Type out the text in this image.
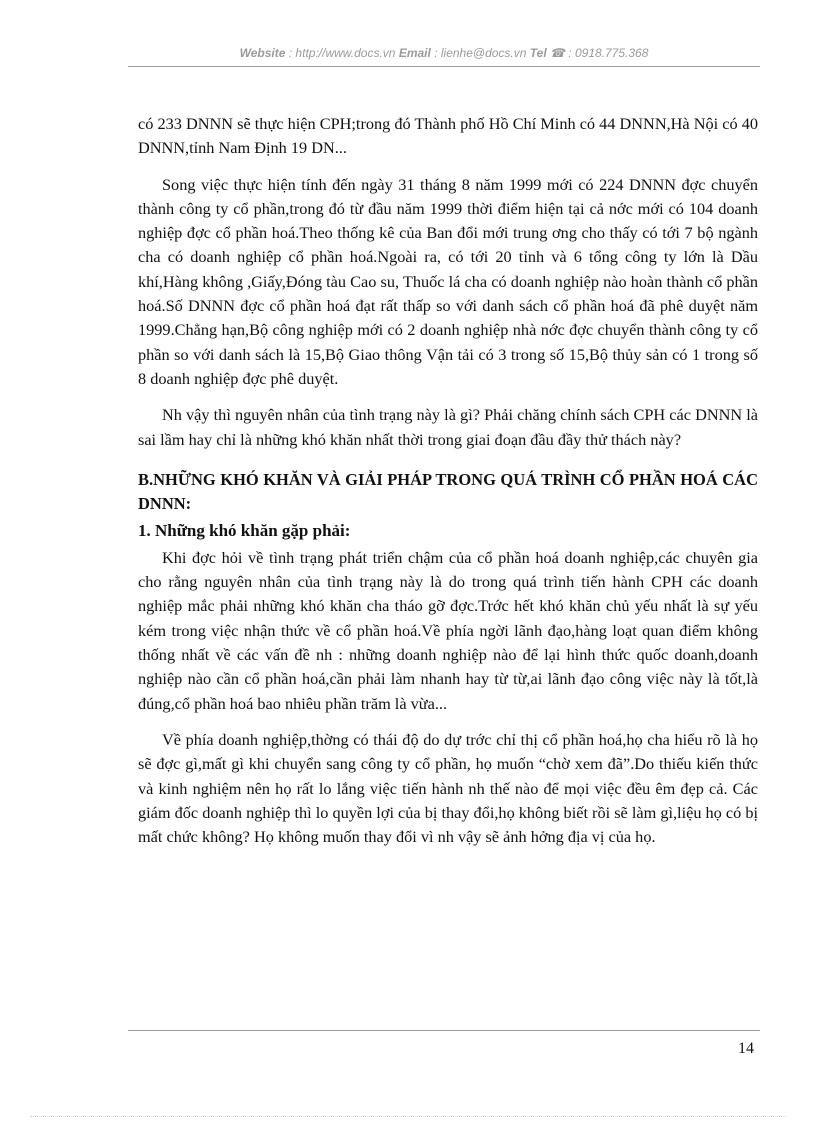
Website : http://www.docs.vn Email : lienhe@docs.vn Tel ☎ : 0918.775.368

có 233 DNNN sẽ thực hiện CPH;trong đó Thành phố Hồ Chí Minh có 44 DNNN,Hà Nội có 40 DNNN,tỉnh Nam Định 19 DN...

Song việc thực hiện tính đến ngày 31 tháng 8 năm 1999 mới có 224 DNNN đợc chuyển thành công ty cổ phần,trong đó từ đầu năm 1999 thời điểm hiện tại cả nớc mới có 104 doanh nghiệp đợc cổ phần hoá.Theo thống kê của Ban đổi mới trung ơng cho thấy có tới 7 bộ ngành cha có doanh nghiệp cổ phần hoá.Ngoài ra, có tới 20 tỉnh và 6 tổng công ty lớn là Dầu khí,Hàng không ,Giấy,Đóng tàu Cao su, Thuốc lá cha có doanh nghiệp nào hoàn thành cổ phần hoá.Số DNNN đợc cổ phần hoá đạt rất thấp so với danh sách cổ phần hoá đã phê duyệt năm 1999.Chẳng hạn,Bộ công nghiệp mới có 2 doanh nghiệp nhà nớc đợc chuyển thành công ty cổ phần so với danh sách là 15,Bộ Giao thông Vận tải có 3 trong số 15,Bộ thủy sản có 1 trong số 8 doanh nghiệp đợc phê duyệt.

Nh vậy thì nguyên nhân của tình trạng này là gì? Phải chăng chính sách CPH các DNNN là sai lầm hay chỉ là những khó khăn nhất thời trong giai đoạn đầu đầy thử thách này?

B.NHỮNG KHÓ KHĂN VÀ GIẢI PHÁP TRONG QUÁ TRÌNH CỔ PHẦN HOÁ CÁC DNNN:
1. Những khó khăn gặp phải:

Khi đợc hỏi về tình trạng phát triển chậm của cổ phần hoá doanh nghiệp,các chuyên gia cho rằng nguyên nhân của tình trạng này là do trong quá trình tiến hành CPH các doanh nghiệp mắc phải những khó khăn cha tháo gỡ đợc.Trớc hết khó khăn chủ yếu nhất là sự yếu kém trong việc nhận thức về cổ phần hoá.Về phía ngời lãnh đạo,hàng loạt quan điểm không thống nhất về các vấn đề nh : những doanh nghiệp nào để lại hình thức quốc doanh,doanh nghiệp nào cần cổ phần hoá,cần phải làm nhanh hay từ từ,ai lãnh đạo công việc này là tốt,là đúng,cổ phần hoá bao nhiêu phần trăm là vừa...

Về phía doanh nghiệp,thờng có thái độ do dự trớc chỉ thị cổ phần hoá,họ cha hiểu rõ là họ sẽ đợc gì,mất gì khi chuyển sang công ty cổ phần, họ muốn “chờ xem đã”.Do thiếu kiến thức và kinh nghiệm nên họ rất lo lắng việc tiến hành nh thế nào để mọi việc đều êm đẹp cả. Các giám đốc doanh nghiệp thì lo quyền lợi của bị thay đổi,họ không biết rồi sẽ làm gì,liệu họ có bị mất chức không? Họ không muốn thay đổi vì nh vậy sẽ ảnh hởng địa vị của họ.

14
